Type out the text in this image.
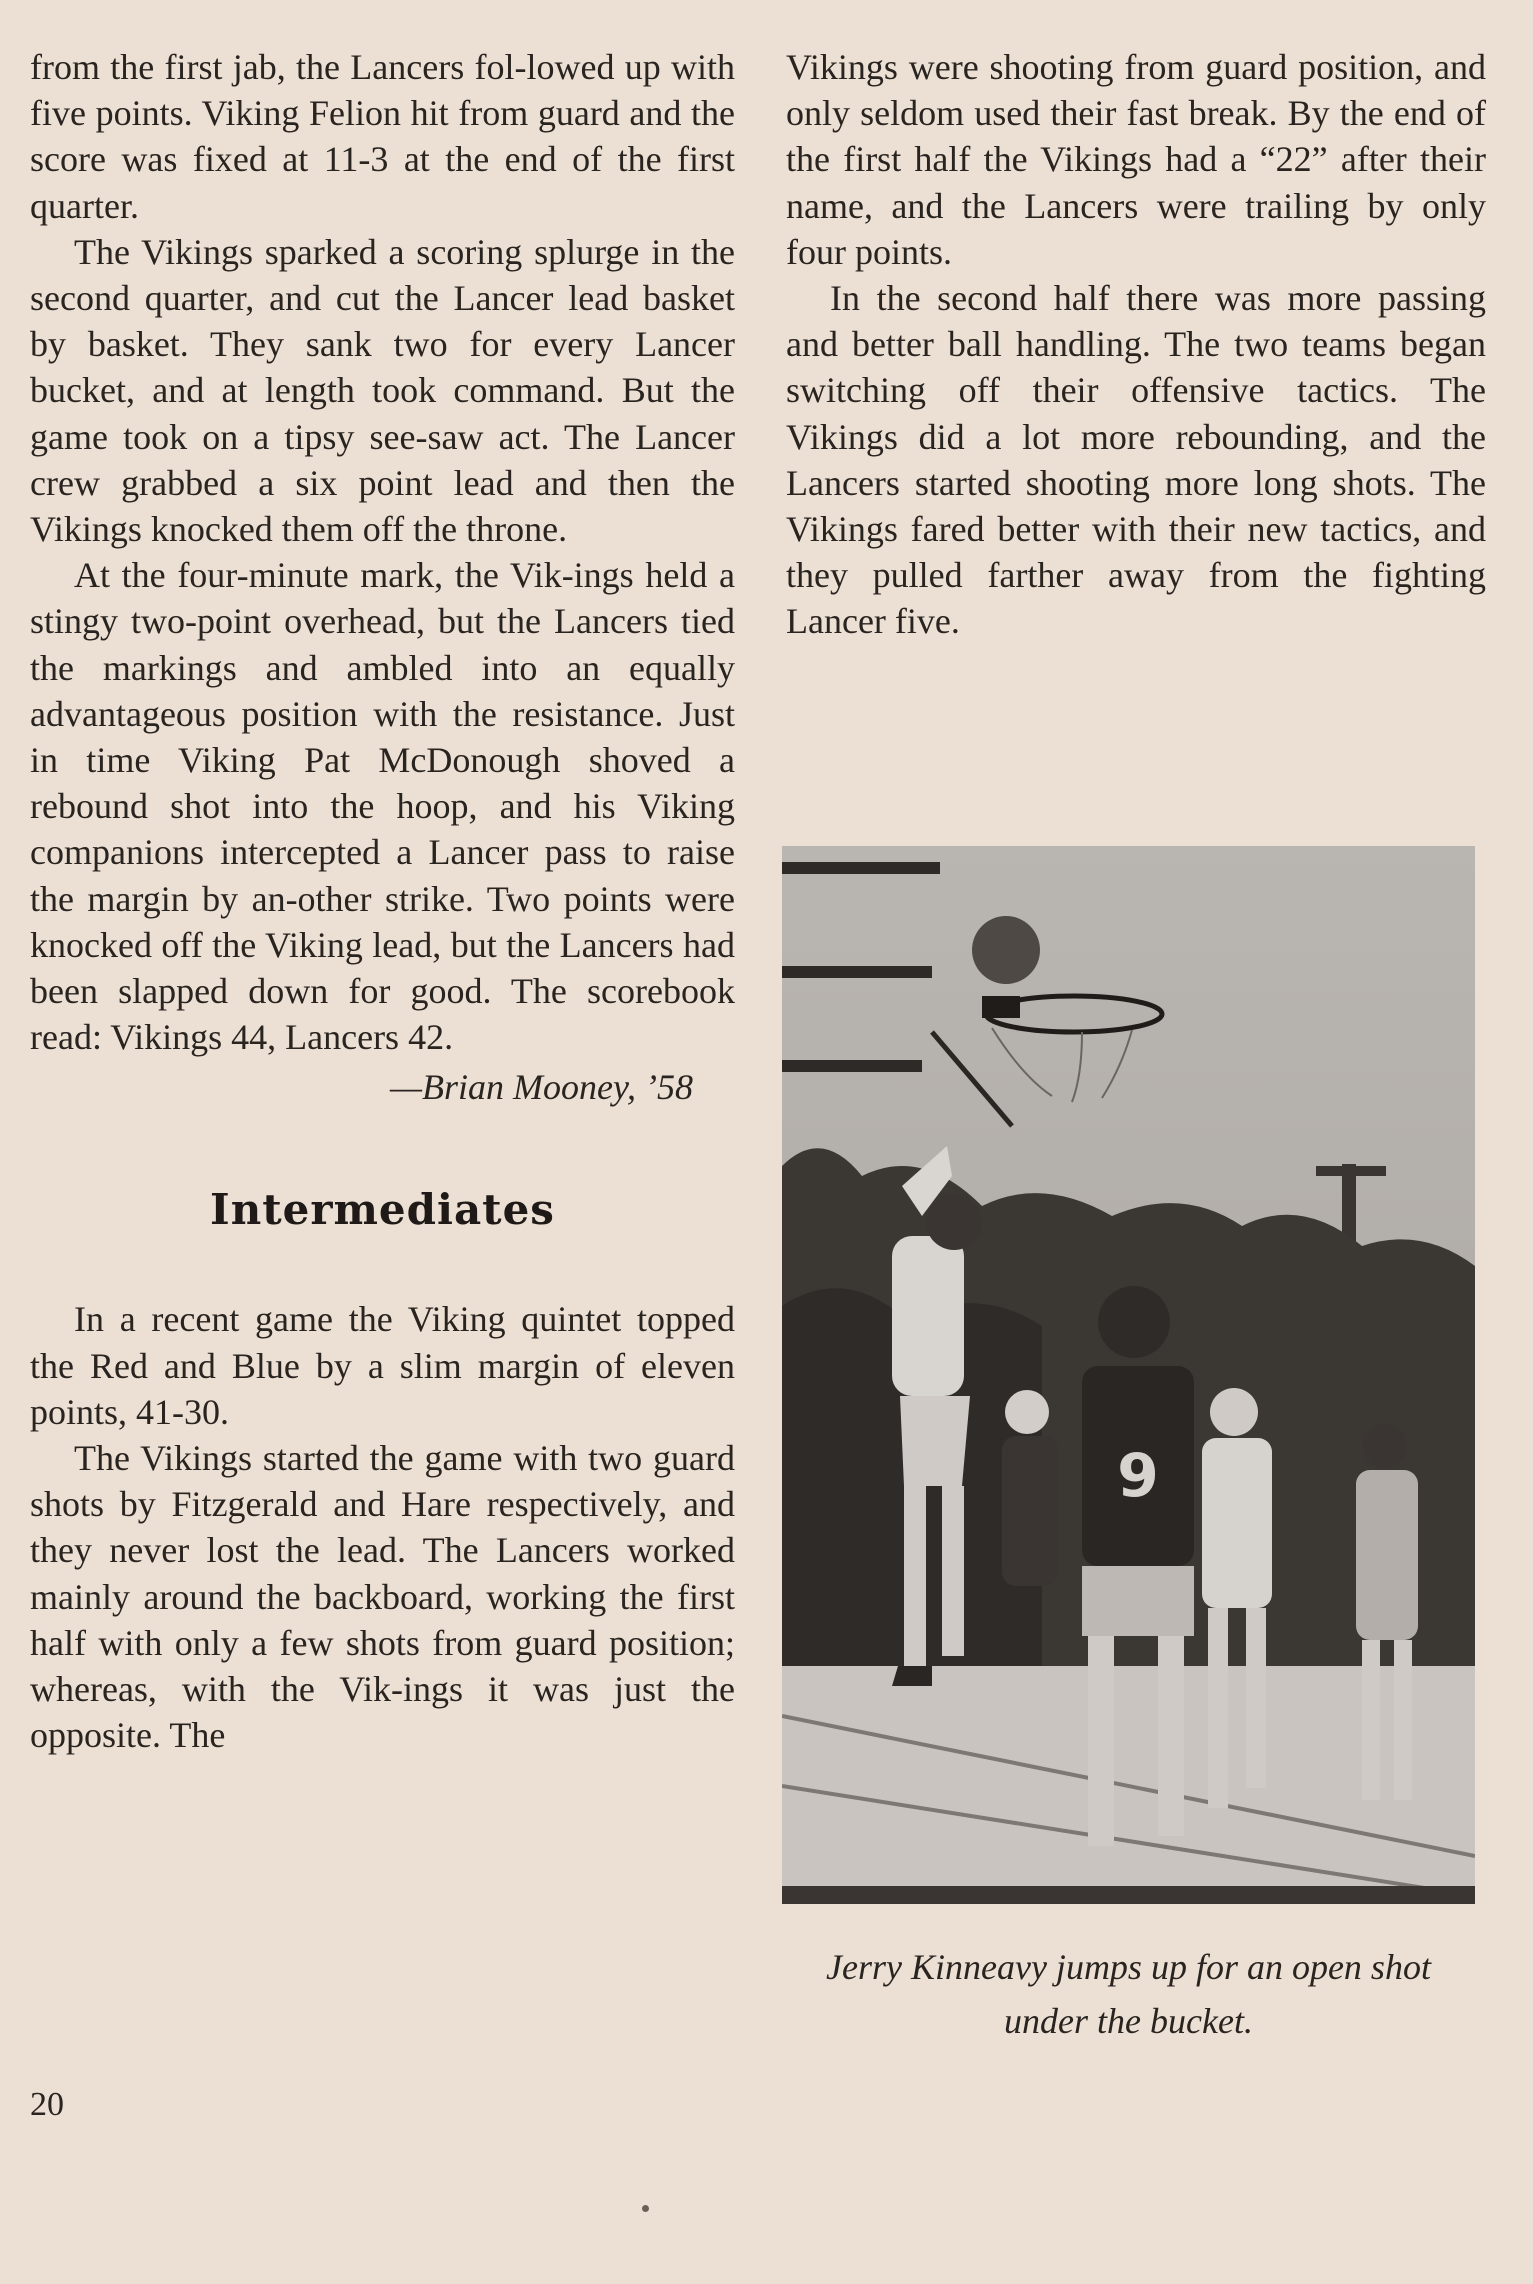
from the first jab, the Lancers fol-lowed up with five points. Viking Felion hit from guard and the score was fixed at 11-3 at the end of the first quarter.

The Vikings sparked a scoring splurge in the second quarter, and cut the Lancer lead basket by basket. They sank two for every Lancer bucket, and at length took command. But the game took on a tipsy see-saw act. The Lancer crew grabbed a six point lead and then the Vikings knocked them off the throne.

At the four-minute mark, the Vik-ings held a stingy two-point overhead, but the Lancers tied the markings and ambled into an equally advantageous position with the resistance. Just in time Viking Pat McDonough shoved a rebound shot into the hoop, and his Viking companions intercepted a Lancer pass to raise the margin by an-other strike. Two points were knocked off the Viking lead, but the Lancers had been slapped down for good. The scorebook read: Vikings 44, Lancers 42.

—Brian Mooney, ’58

Intermediates

In a recent game the Viking quintet topped the Red and Blue by a slim margin of eleven points, 41-30.

The Vikings started the game with two guard shots by Fitzgerald and Hare respectively, and they never lost the lead. The Lancers worked mainly around the backboard, working the first half with only a few shots from guard position; whereas, with the Vik-ings it was just the opposite. The

Vikings were shooting from guard position, and only seldom used their fast break. By the end of the first half the Vikings had a “22” after their name, and the Lancers were trailing by only four points.

In the second half there was more passing and better ball handling. The two teams began switching off their offensive tactics. The Vikings did a lot more rebounding, and the Lancers started shooting more long shots. The Vikings fared better with their new tactics, and they pulled farther away from the fighting Lancer five.

9

Jerry Kinneavy jumps up for an open shot under the bucket.

20
